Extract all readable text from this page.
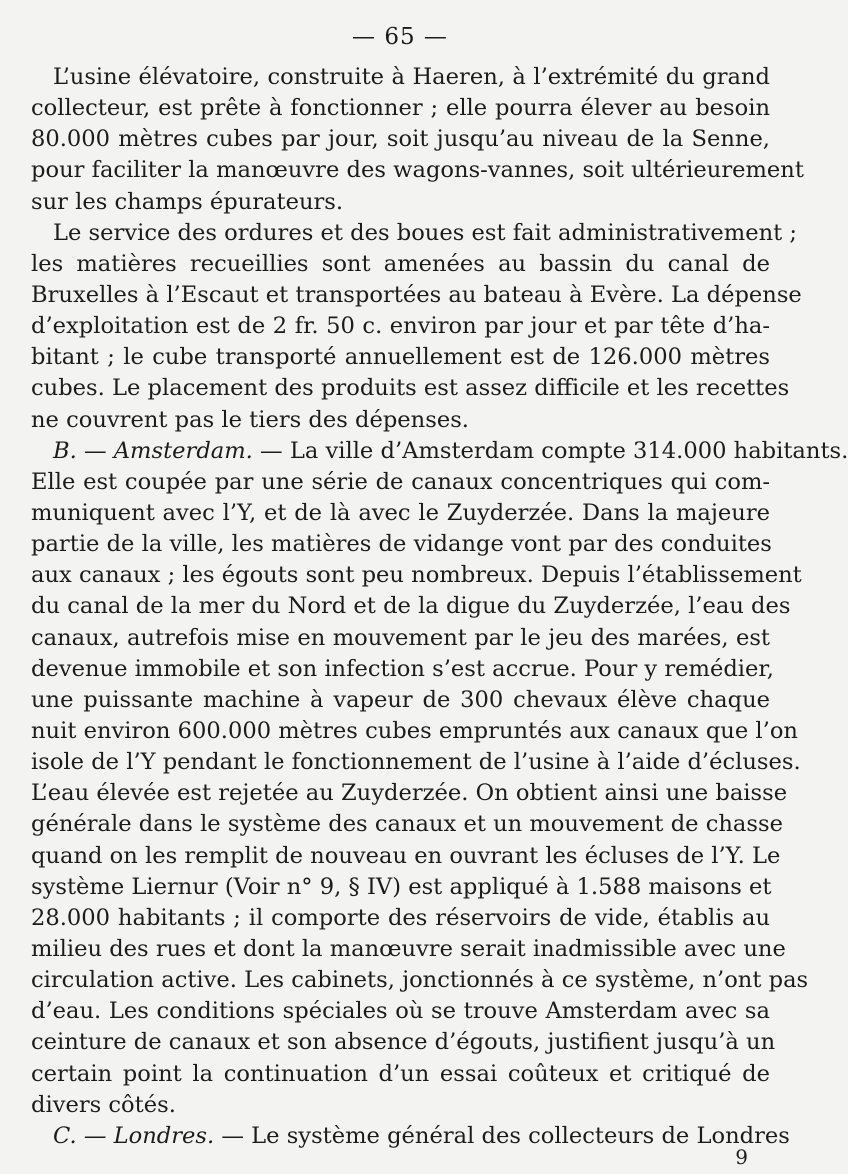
— 65 —
L’usine élévatoire, construite à Haeren, à l’extrémité du grand
collecteur, est prête à fonctionner ; elle pourra élever au besoin
80.000 mètres cubes par jour, soit jusqu’au niveau de la Senne,
pour faciliter la manœuvre des wagons-vannes, soit ultérieurement
sur les champs épurateurs.
Le service des ordures et des boues est fait administrativement ;
les matières recueillies sont amenées au bassin du canal de
Bruxelles à l’Escaut et transportées au bateau à Evère. La dépense
d’exploitation est de 2 fr. 50 c. environ par jour et par tête d’ha-
bitant ; le cube transporté annuellement est de 126.000 mètres
cubes. Le placement des produits est assez difficile et les recettes
ne couvrent pas le tiers des dépenses.
B. — Amsterdam. — La ville d’Amsterdam compte 314.000 habitants.
Elle est coupée par une série de canaux concentriques qui com-
muniquent avec l’Y, et de là avec le Zuyderzée. Dans la majeure
partie de la ville, les matières de vidange vont par des conduites
aux canaux ; les égouts sont peu nombreux. Depuis l’établissement
du canal de la mer du Nord et de la digue du Zuyderzée, l’eau des
canaux, autrefois mise en mouvement par le jeu des marées, est
devenue immobile et son infection s’est accrue. Pour y remédier,
une puissante machine à vapeur de 300 chevaux élève chaque
nuit environ 600.000 mètres cubes empruntés aux canaux que l’on
isole de l’Y pendant le fonctionnement de l’usine à l’aide d’écluses.
L’eau élevée est rejetée au Zuyderzée. On obtient ainsi une baisse
générale dans le système des canaux et un mouvement de chasse
quand on les remplit de nouveau en ouvrant les écluses de l’Y. Le
système Liernur (Voir n° 9, § IV) est appliqué à 1.588 maisons et
28.000 habitants ; il comporte des réservoirs de vide, établis au
milieu des rues et dont la manœuvre serait inadmissible avec une
circulation active. Les cabinets, jonctionnés à ce système, n’ont pas
d’eau. Les conditions spéciales où se trouve Amsterdam avec sa
ceinture de canaux et son absence d’égouts, justifient jusqu’à un
certain point la continuation d’un essai coûteux et critiqué de
divers côtés.
C. — Londres. — Le système général des collecteurs de Londres
9
